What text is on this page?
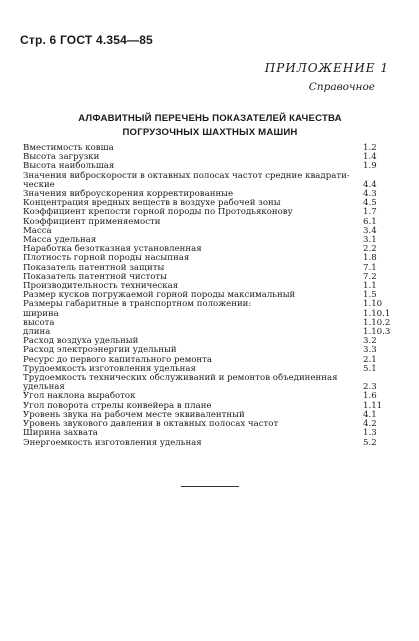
Стр. 6 ГОСТ 4.354—85
ПРИЛОЖЕНИЕ 1
Справочное
АЛФАВИТНЫЙ ПЕРЕЧЕНЬ ПОКАЗАТЕЛЕЙ КАЧЕСТВА
ПОГРУЗОЧНЫХ ШАХТНЫХ МАШИН
Вместимость ковша	1.2
Высота загрузки	1.4
Высота наибольшая	1.9
Значения виброскорости в октавных полосах частот средние квадрати-
ческие	4.4
Значения виброускорения корректированные	4.3
Концентрация вредных веществ в воздухе рабочей зоны	4.5
Коэффициент крепости горной породы по Протодьяконову	1.7
Коэффициент применяемости	6.1
Масса	3.4
Масса удельная	3.1
Наработка безотказная установленная	2.2
Плотность горной породы насыпная	1.8
Показатель патентной защиты	7.1
Показатель патентной чистоты	7.2
Производительность техническая	1.1
Размер кусков погружаемой горной породы максимальный	1.5
Размеры габаритные в транспортном положении:	1.10
ширина	1.10.1
высота	1.10.2
длина	1.10.3
Расход воздуха удельный	3.2
Расход электроэнергии удельный	3.3
Ресурс до первого капитального ремонта	2.1
Трудоемкость изготовления удельная	5.1
Трудоемкость технических обслуживаний и ремонтов объединенная
удельная	2.3
Угол наклона выработок	1.6
Угол поворота стрелы конвейера в плане	1.11
Уровень звука на рабочем месте эквивалентный	4.1
Уровень звукового давления в октавных полосах частот	4.2
Ширина захвата	1.3
Энергоемкость изготовления удельная	5.2
